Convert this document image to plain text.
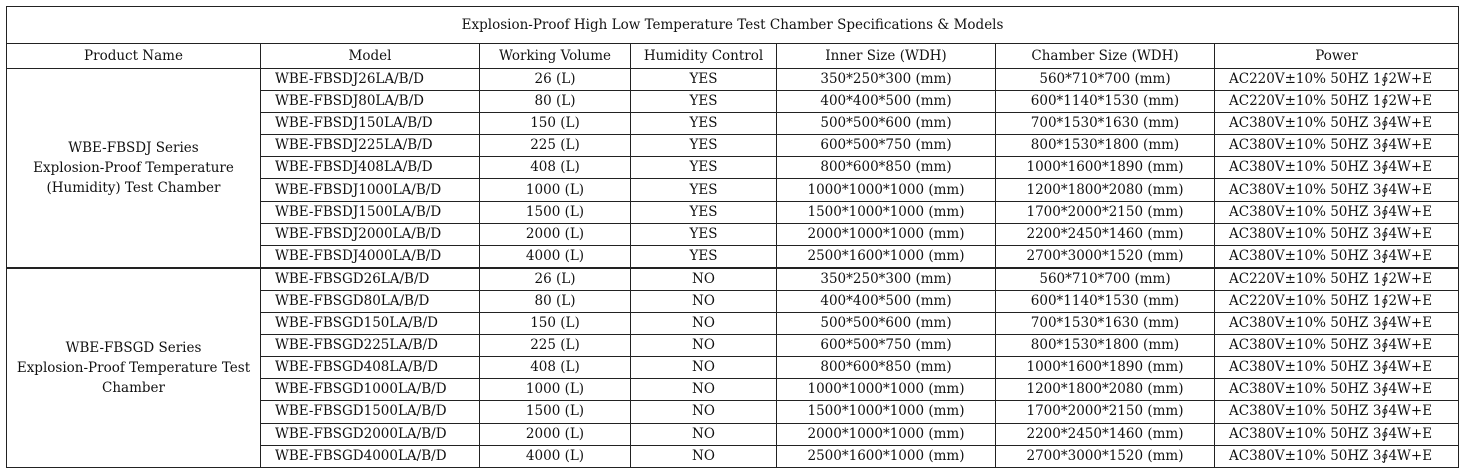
Explosion-Proof High Low Temperature Test Chamber Specifications & Models						
Product Name	Model	Working Volume	Humidity Control	Inner Size (WDH)	Chamber Size (WDH)	Power

WBE-FBSDJ Series
Explosion-Proof Temperature
(Humidity) Test Chamber	WBE-FBSDJ26LA/B/D	26 (L)	YES	350*250*300 (mm)	560*710*700 (mm)	AC220V±10% 50HZ 1∮2W+E
	WBE-FBSDJ80LA/B/D	80 (L)	YES	400*400*500 (mm)	600*1140*1530 (mm)	AC220V±10% 50HZ 1∮2W+E
	WBE-FBSDJ150LA/B/D	150 (L)	YES	500*500*600 (mm)	700*1530*1630 (mm)	AC380V±10% 50HZ 3∮4W+E
	WBE-FBSDJ225LA/B/D	225 (L)	YES	600*500*750 (mm)	800*1530*1800 (mm)	AC380V±10% 50HZ 3∮4W+E
	WBE-FBSDJ408LA/B/D	408 (L)	YES	800*600*850 (mm)	1000*1600*1890 (mm)	AC380V±10% 50HZ 3∮4W+E
	WBE-FBSDJ1000LA/B/D	1000 (L)	YES	1000*1000*1000 (mm)	1200*1800*2080 (mm)	AC380V±10% 50HZ 3∮4W+E
	WBE-FBSDJ1500LA/B/D	1500 (L)	YES	1500*1000*1000 (mm)	1700*2000*2150 (mm)	AC380V±10% 50HZ 3∮4W+E
	WBE-FBSDJ2000LA/B/D	2000 (L)	YES	2000*1000*1000 (mm)	2200*2450*1460 (mm)	AC380V±10% 50HZ 3∮4W+E
	WBE-FBSDJ4000LA/B/D	4000 (L)	YES	2500*1600*1000 (mm)	2700*3000*1520 (mm)	AC380V±10% 50HZ 3∮4W+E

WBE-FBSGD Series
Explosion-Proof Temperature Test
Chamber	WBE-FBSGD26LA/B/D	26 (L)	NO	350*250*300 (mm)	560*710*700 (mm)	AC220V±10% 50HZ 1∮2W+E
	WBE-FBSGD80LA/B/D	80 (L)	NO	400*400*500 (mm)	600*1140*1530 (mm)	AC220V±10% 50HZ 1∮2W+E
	WBE-FBSGD150LA/B/D	150 (L)	NO	500*500*600 (mm)	700*1530*1630 (mm)	AC380V±10% 50HZ 3∮4W+E
	WBE-FBSGD225LA/B/D	225 (L)	NO	600*500*750 (mm)	800*1530*1800 (mm)	AC380V±10% 50HZ 3∮4W+E
	WBE-FBSGD408LA/B/D	408 (L)	NO	800*600*850 (mm)	1000*1600*1890 (mm)	AC380V±10% 50HZ 3∮4W+E
	WBE-FBSGD1000LA/B/D	1000 (L)	NO	1000*1000*1000 (mm)	1200*1800*2080 (mm)	AC380V±10% 50HZ 3∮4W+E
	WBE-FBSGD1500LA/B/D	1500 (L)	NO	1500*1000*1000 (mm)	1700*2000*2150 (mm)	AC380V±10% 50HZ 3∮4W+E
	WBE-FBSGD2000LA/B/D	2000 (L)	NO	2000*1000*1000 (mm)	2200*2450*1460 (mm)	AC380V±10% 50HZ 3∮4W+E
	WBE-FBSGD4000LA/B/D	4000 (L)	NO	2500*1600*1000 (mm)	2700*3000*1520 (mm)	AC380V±10% 50HZ 3∮4W+E
